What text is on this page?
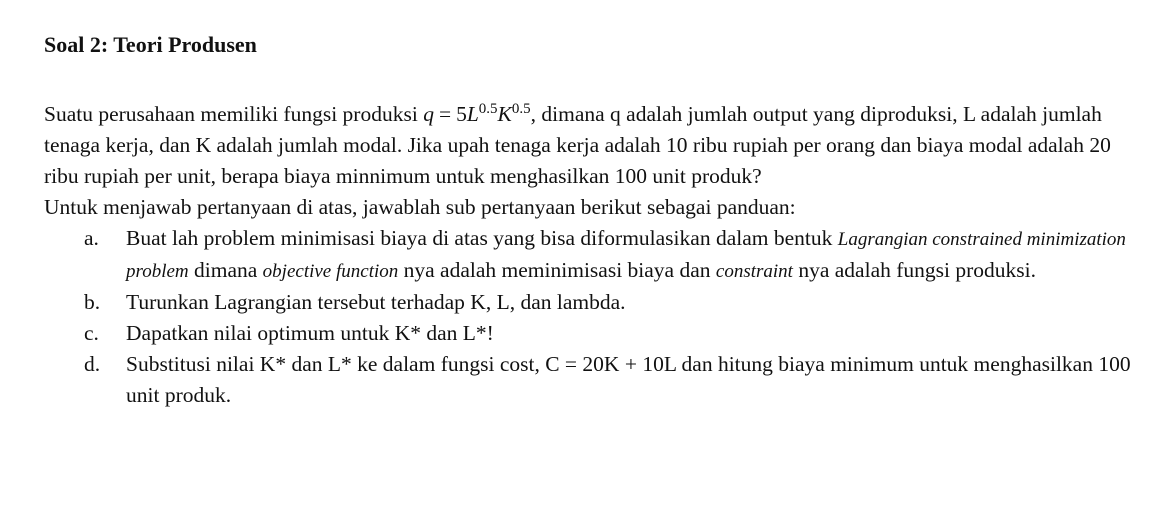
Soal 2: Teori Produsen

Suatu perusahaan memiliki fungsi produksi $q = 5L^{0.5}K^{0.5}$, dimana q adalah jumlah output yang diproduksi, L adalah jumlah tenaga kerja, dan K adalah jumlah modal. Jika upah tenaga kerja adalah 10 ribu rupiah per orang dan biaya modal adalah 20 ribu rupiah per unit, berapa biaya minnimum untuk menghasilkan 100 unit produk?

Untuk menjawab pertanyaan di atas, jawablah sub pertanyaan berikut sebagai panduan:

a.	Buat lah problem minimisasi biaya di atas yang bisa diformulasikan dalam bentuk Lagrangian constrained minimization problem dimana objective function nya adalah meminimisasi biaya dan constraint nya adalah fungsi produksi.
b.	Turunkan Lagrangian tersebut terhadap K, L, dan lambda.
c.	Dapatkan nilai optimum untuk K* dan L*!
d.	Substitusi nilai K* dan L* ke dalam fungsi cost, C = 20K + 10L dan hitung biaya minimum untuk menghasilkan 100 unit produk.
